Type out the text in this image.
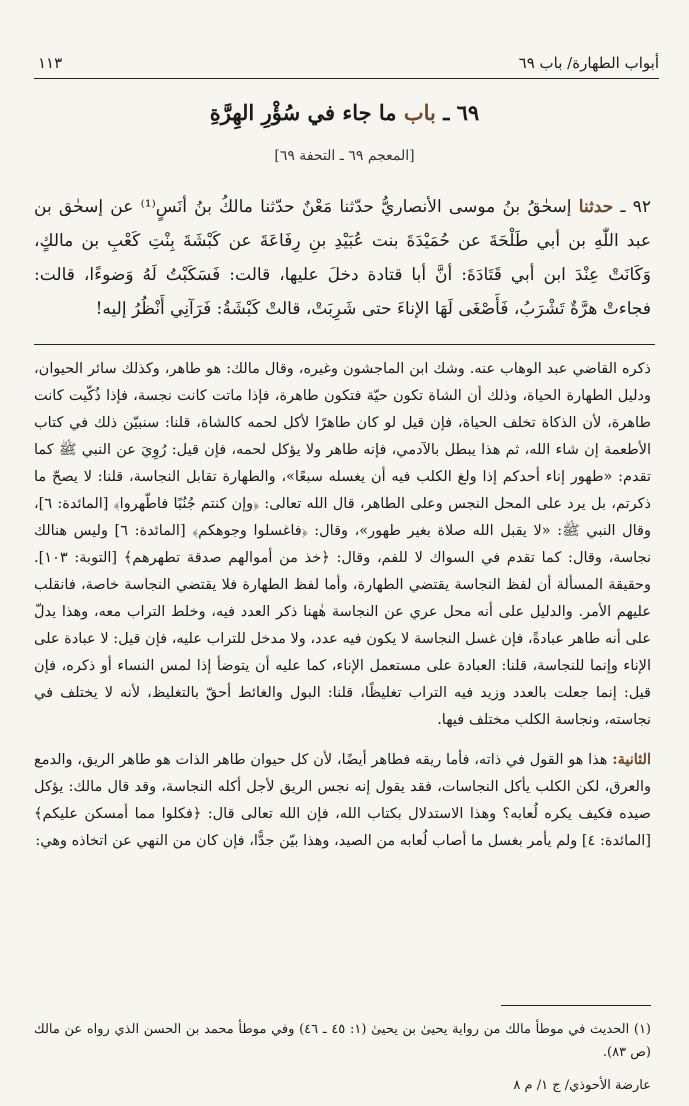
أبواب الطهارة/ باب ٦٩
١١٣
٦٩ ـ باب ما جاء في سُؤْرِ الهِرَّةِ
[المعجم ٦٩ ـ التحفة ٦٩]
٩٢ ـ حدثنا إسحٰقُ بنُ موسى الأنصاريُّ حدّثنا مَعْنٌ حدّثنا مالكُ بنُ أنَسٍ⁽¹⁾ عن إسحٰق بن عبد اللّٰهِ بن أبي طَلْحَةَ عن حُمَيْدَةَ بنت عُبَيْدِ بنِ رِفَاعَةَ عن كَبْشَةَ بِنْتِ كَعْبِ بن مالكٍ، وَكَانَتْ عِنْدَ ابن أبي قَتَادَةَ: أنَّ أبا قتادة دخلَ عليها، قالت: فَسَكَبْتُ لَهُ وَضوءًا، قالت: فجاءتْ هرَّةٌ تَشْرَبُ، فَأَصْغَى لَهَا الإناءَ حتى شَرِبَتْ، قالتْ كَبْشَةُ: فَرَآنِي أَنْظُرُ إليه!

ذكره القاضي عبد الوهاب عنه. وشك ابن الماجشون وغيره، وقال مالك: هو طاهر، وكذلك سائر الحيوان، ودليل الطهارة الحياة، وذلك أن الشاة تكون حيّة فتكون طاهرة، فإذا ماتت كانت نجسة، فإذا ذُكّيت كانت طاهرة، لأن الذكاة تخلف الحياة، فإن قيل لو كان طاهرًا لأكل لحمه كالشاة، قلنا: سنبيّن ذلك في كتاب الأطعمة إن شاء الله، ثم هذا يبطل بالآدمي، فإنه طاهر ولا يؤكل لحمه، فإن قيل: رُوِيَ عن النبي ﷺ كما تقدم: «طهور إناء أحدكم إذا ولغ الكلب فيه أن يغسله سبعًا»، والطهارة تقابل النجاسة، قلنا: لا يصحّ ما ذكرتم، بل يرد على المحل النجس وعلى الطاهر، قال الله تعالى: ﴿وإن كنتم جُنُبًا فاطّهروا﴾ [المائدة: ٦]، وقال النبي ﷺ: «لا يقبل الله صلاة بغير طهور»، وقال: ﴿فاغسلوا وجوهكم﴾ [المائدة: ٦] وليس هنالك نجاسة، وقال: كما تقدم في السواك لا للفم، وقال: ﴿خذ من أموالهم صدقة تطهرهم﴾ [التوبة: ١٠٣]. وحقيقة المسألة أن لفظ النجاسة يقتضي الطهارة، وأما لفظ الطهارة فلا يقتضي النجاسة خاصة، فانقلب عليهم الأمر. والدليل على أنه محل عري عن النجاسة هٰهنا ذكر العدد فيه، وخلط التراب معه، وهذا يدلّ على أنه طاهر عبادةً، فإن غسل النجاسة لا يكون فيه عدد، ولا مدخل للتراب عليه، فإن قيل: لا عبادة على الإناء وإنما للنجاسة، قلنا: العبادة على مستعمل الإناء، كما عليه أن يتوضأ إذا لمس النساء أو ذكره، فإن قيل: إنما جعلت بالعدد وزيد فيه التراب تغليظًا، قلنا: البول والغائط أحقّ بالتغليظ، لأنه لا يختلف في نجاسته، ونجاسة الكلب مختلف فيها.

الثانية: هذا هو القول في ذاته، فأما ريقه فطاهر أيضًا، لأن كل حيوان طاهر الذات هو طاهر الريق، والدمع والعرق، لكن الكلب يأكل النجاسات، فقد يقول إنه نجس الريق لأجل أكله النجاسة، وقد قال مالك: يؤكل صيده فكيف يكره لُعابه؟ وهذا الاستدلال بكتاب الله، فإن الله تعالى قال: ﴿فكلوا مما أمسكن عليكم﴾ [المائدة: ٤] ولم يأمر بغسل ما أصاب لُعابه من الصيد، وهذا بيّن جدًّا، فإن كان من النهي عن اتخاذه وهي:

(١) الحديث في موطأ مالك من رواية يحيىٰ بن يحيىٰ (١: ٤٥ ـ ٤٦) وفي موطأ محمد بن الحسن الذي رواه عن مالك (ص ٨٣).
عارضة الأحوذي/ ج ١/ م ٨
